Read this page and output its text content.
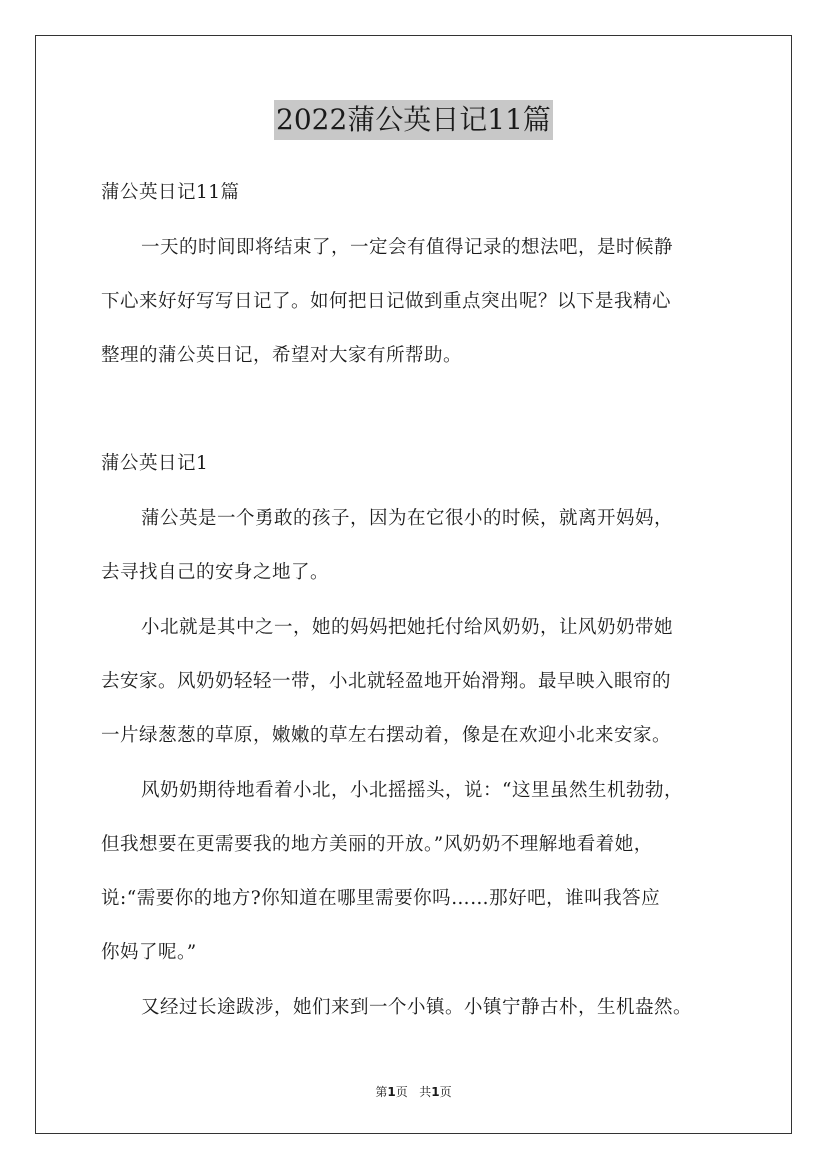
2022蒲公英日记11篇
蒲公英日记11篇
一天的时间即将结束了，一定会有值得记录的想法吧，是时候静
下心来好好写写日记了。如何把日记做到重点突出呢？以下是我精心
整理的蒲公英日记，希望对大家有所帮助。
蒲公英日记1
蒲公英是一个勇敢的孩子，因为在它很小的时候，就离开妈妈，
去寻找自己的安身之地了。
小北就是其中之一，她的妈妈把她托付给风奶奶，让风奶奶带她
去安家。风奶奶轻轻一带，小北就轻盈地开始滑翔。最早映入眼帘的
一片绿葱葱的草原，嫩嫩的草左右摆动着，像是在欢迎小北来安家。
风奶奶期待地看着小北，小北摇摇头，说：“这里虽然生机勃勃，
但我想要在更需要我的地方美丽的开放。”风奶奶不理解地看着她，
说:“需要你的地方?你知道在哪里需要你吗……那好吧，谁叫我答应
你妈了呢。”
又经过长途跋涉，她们来到一个小镇。小镇宁静古朴，生机盎然。
第1页 共1页
